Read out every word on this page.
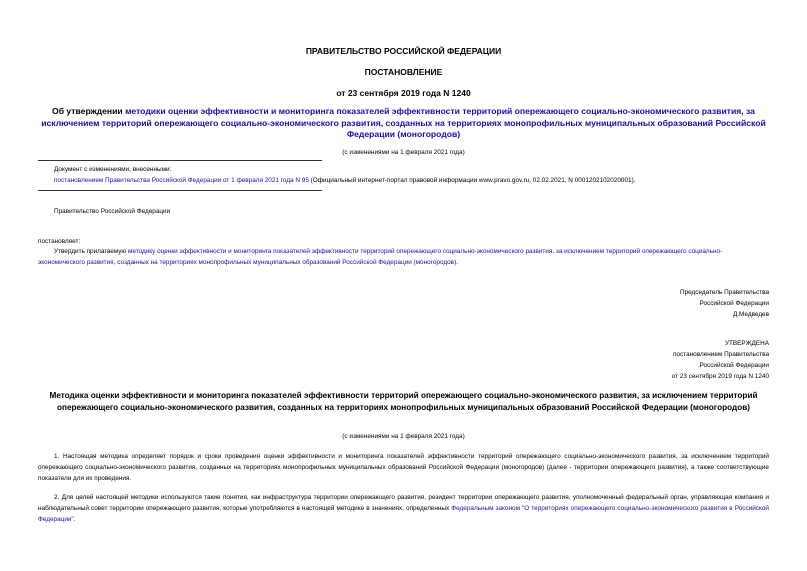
ПРАВИТЕЛЬСТВО РОССИЙСКОЙ ФЕДЕРАЦИИ
ПОСТАНОВЛЕНИЕ
от 23 сентября 2019 года N 1240
Об утверждении методики оценки эффективности и мониторинга показателей эффективности территорий опережающего социально-экономического развития, за исключением территорий опережающего социально-экономического развития, созданных на территориях монопрофильных муниципальных образований Российской Федерации (моногородов)
(с изменениями на 1 февраля 2021 года)
Документ с изменениями, внесенными:
постановлением Правительства Российской Федерации от 1 февраля 2021 года N 95 (Официальный интернет-портал правовой информации www.pravo.gov.ru, 02.02.2021, N 0001202102020001).
Правительство Российской Федерации
постановляет:
Утвердить прилагаемую методику оценки эффективности и мониторинга показателей эффективности территорий опережающего социально-экономического развития, за исключением территорий опережающего социально-экономического развития, созданных на территориях монопрофильных муниципальных образований Российской Федерации (моногородов).
Председатель Правительства
Российской Федерации
Д.Медведев
УТВЕРЖДЕНА
постановлением Правительства
Российской Федерации
от 23 сентября 2019 года N 1240
Методика оценки эффективности и мониторинга показателей эффективности территорий опережающего социально-экономического развития, за исключением территорий опережающего социально-экономического развития, созданных на территориях монопрофильных муниципальных образований Российской Федерации (моногородов)
(с изменениями на 1 февраля 2021 года)
1. Настоящая методика определяет порядок и сроки проведения оценки эффективности и мониторинга показателей эффективности территорий опережающего социально-экономического развития, за исключением территорий опережающего социально-экономического развития, созданных на территориях монопрофильных муниципальных образований Российской Федерации (моногородов) (далее - территории опережающего развития), а также соответствующие показатели для их проведения.
2. Для целей настоящей методики используются такие понятия, как инфраструктура территории опережающего развития, резидент территории опережающего развития, уполномоченный федеральный орган, управляющая компания и наблюдательный совет территории опережающего развития, которые употребляются в настоящей методике в значениях, определенных Федеральным законом "О территориях опережающего социально-экономического развития в Российской Федерации".
